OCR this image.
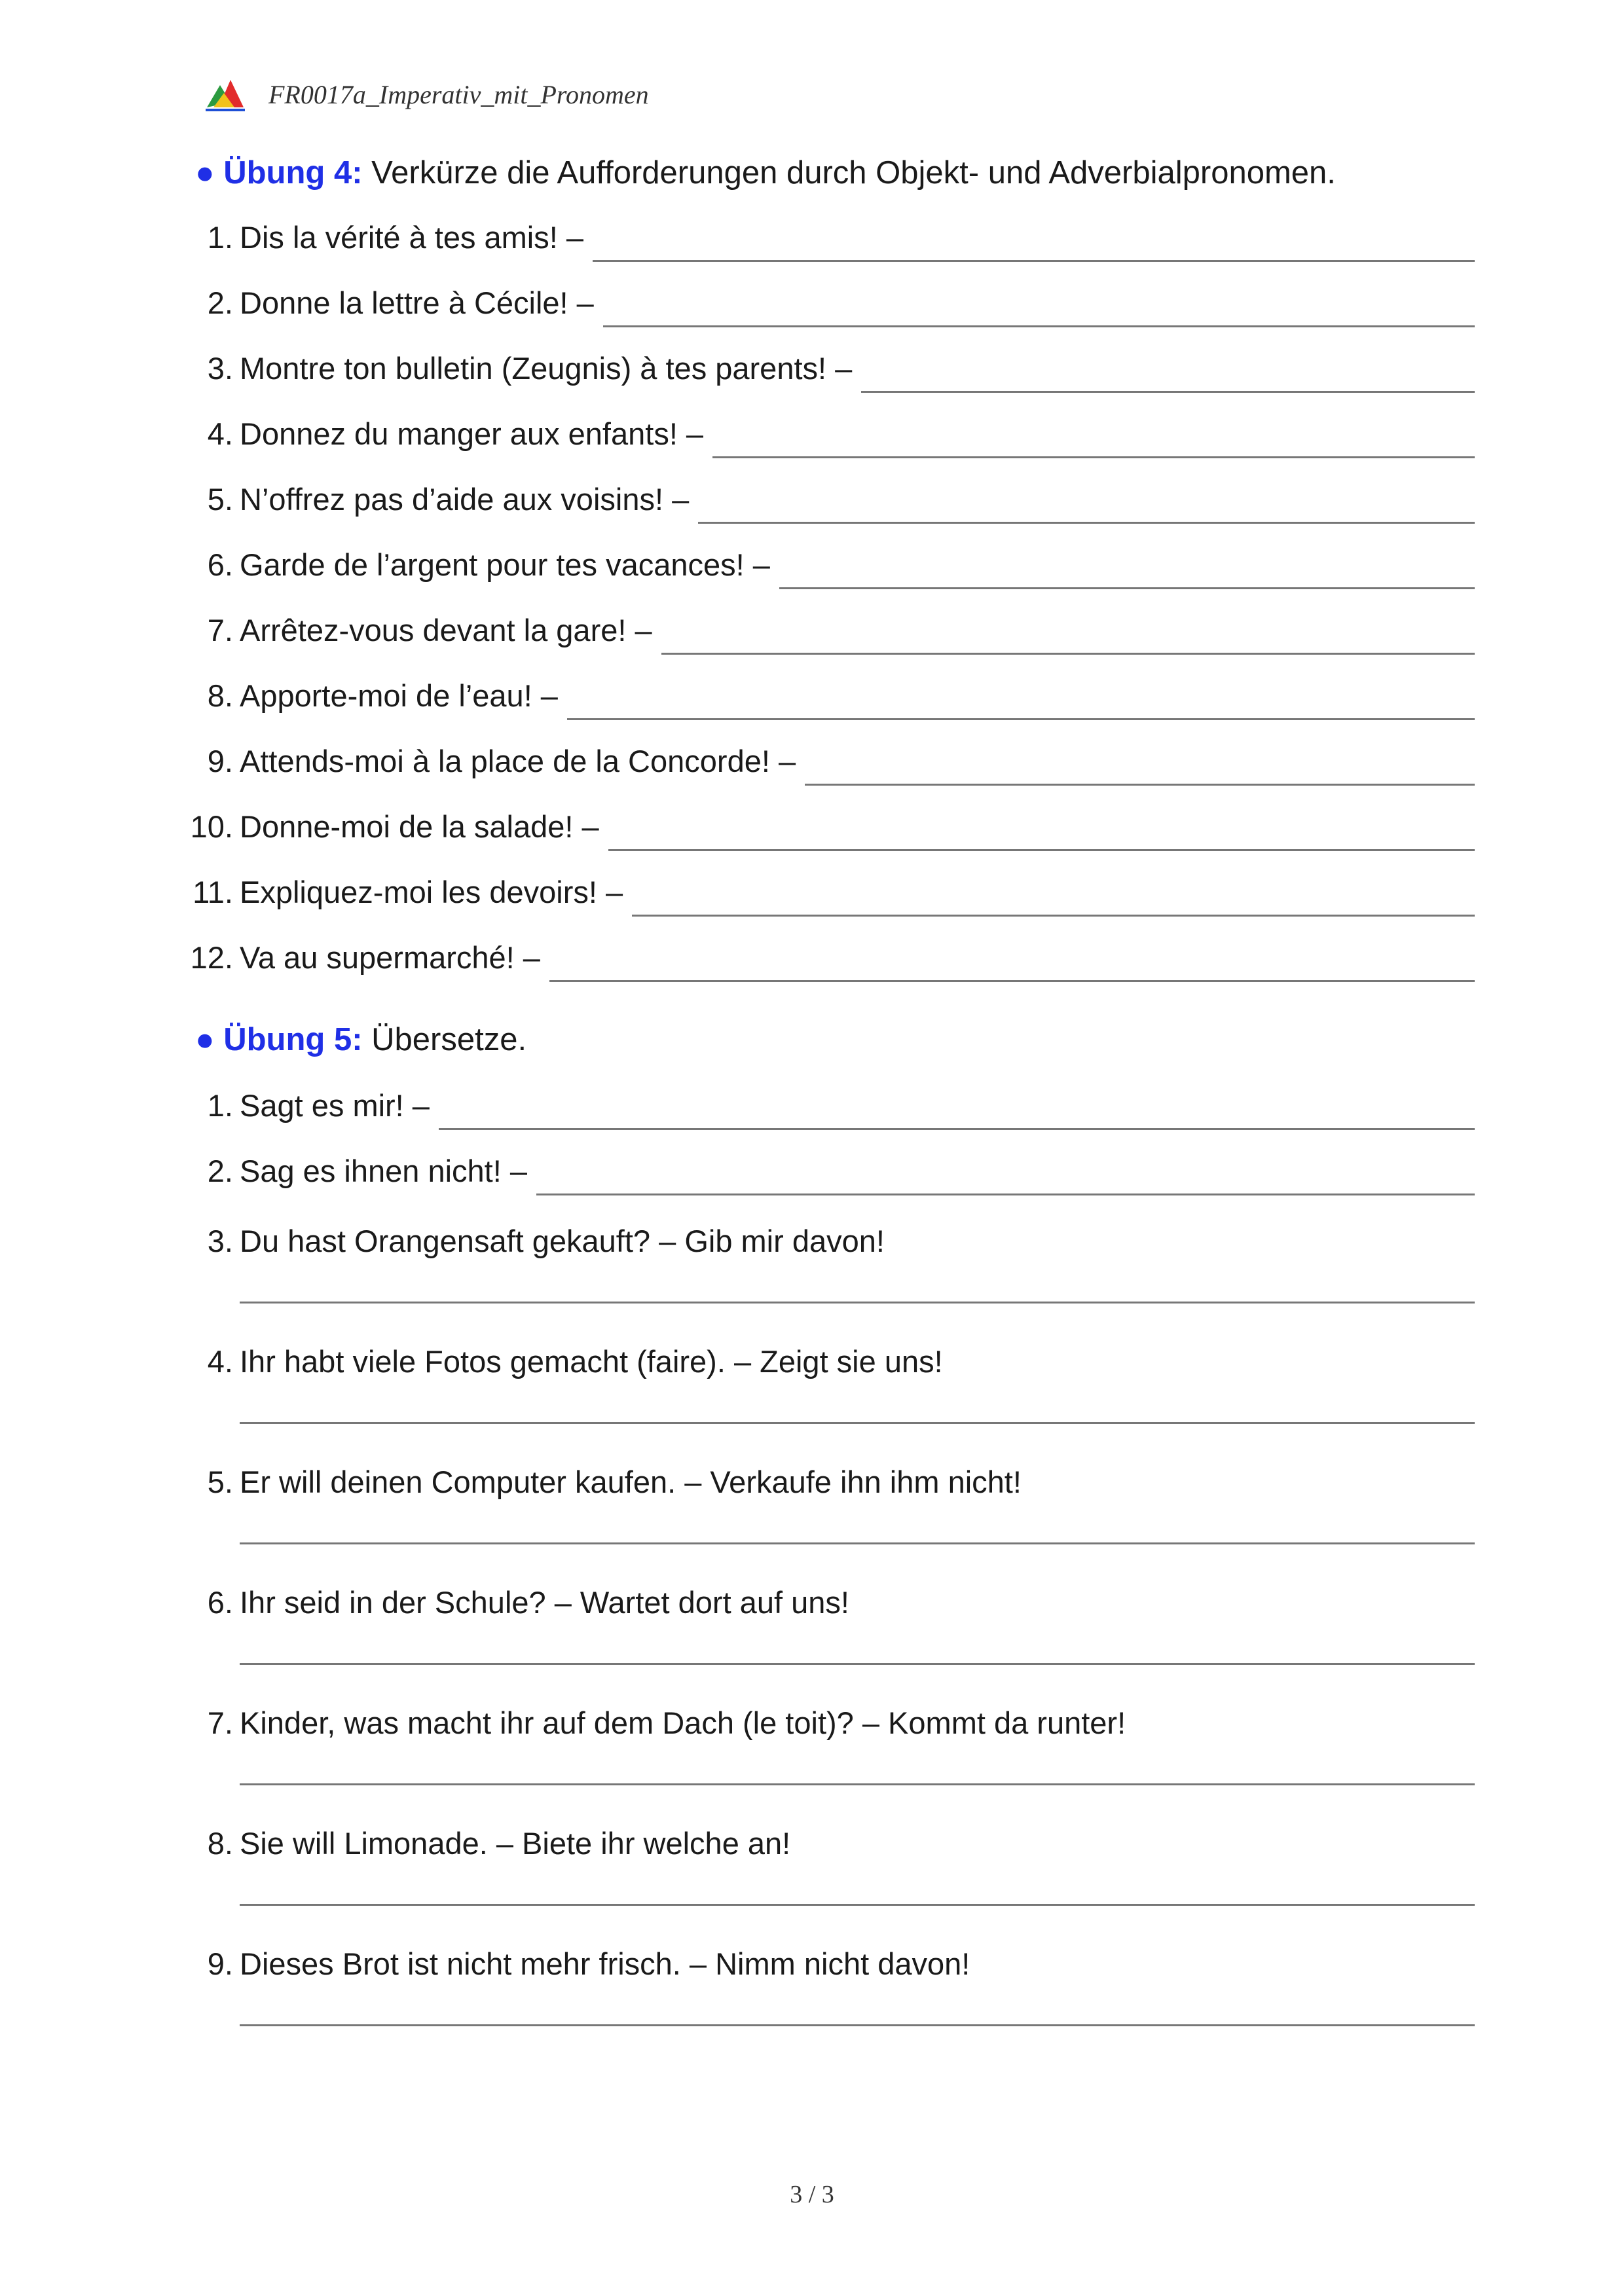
FR0017a_Imperativ_mit_Pronomen
● Übung 4: Verkürze die Aufforderungen durch Objekt- und Adverbialpronomen.
1. Dis la vérité à tes amis! –
2. Donne la lettre à Cécile! –
3. Montre ton bulletin (Zeugnis) à tes parents! –
4. Donnez du manger aux enfants! –
5. N’offrez pas d’aide aux voisins! –
6. Garde de l’argent pour tes vacances! –
7. Arrêtez-vous devant la gare! –
8. Apporte-moi de l’eau! –
9. Attends-moi à la place de la Concorde! –
10. Donne-moi de la salade! –
11. Expliquez-moi les devoirs! –
12. Va au supermarché! –
● Übung 5: Übersetze.
1. Sagt es mir! –
2. Sag es ihnen nicht! –
3. Du hast Orangensaft gekauft? – Gib mir davon!
4. Ihr habt viele Fotos gemacht (faire). – Zeigt sie uns!
5. Er will deinen Computer kaufen. – Verkaufe ihn ihm nicht!
6. Ihr seid in der Schule? – Wartet dort auf uns!
7. Kinder, was macht ihr auf dem Dach (le toit)? – Kommt da runter!
8. Sie will Limonade. – Biete ihr welche an!
9. Dieses Brot ist nicht mehr frisch. – Nimm nicht davon!
3 / 3
